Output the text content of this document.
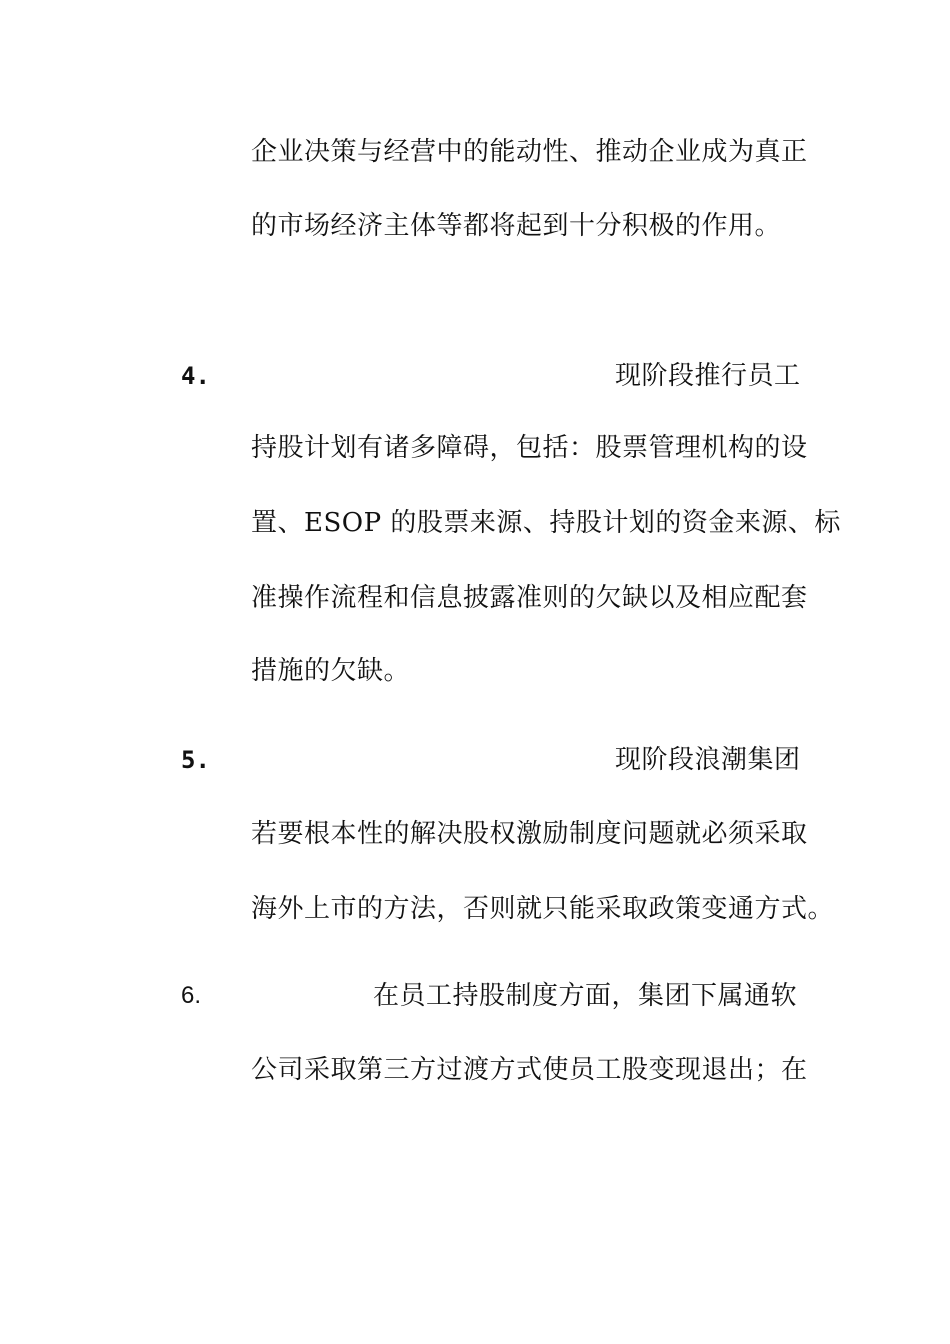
企业决策与经营中的能动性、推动企业成为真正
的市场经济主体等都将起到十分积极的作用。
4.	现阶段推行员工
持股计划有诸多障碍，包括：股票管理机构的设
置、ESOP 的股票来源、持股计划的资金来源、标
准操作流程和信息披露准则的欠缺以及相应配套
措施的欠缺。
5.	现阶段浪潮集团
若要根本性的解决股权激励制度问题就必须采取
海外上市的方法，否则就只能采取政策变通方式。
6.	在员工持股制度方面，集团下属通软
公司采取第三方过渡方式使员工股变现退出；在
